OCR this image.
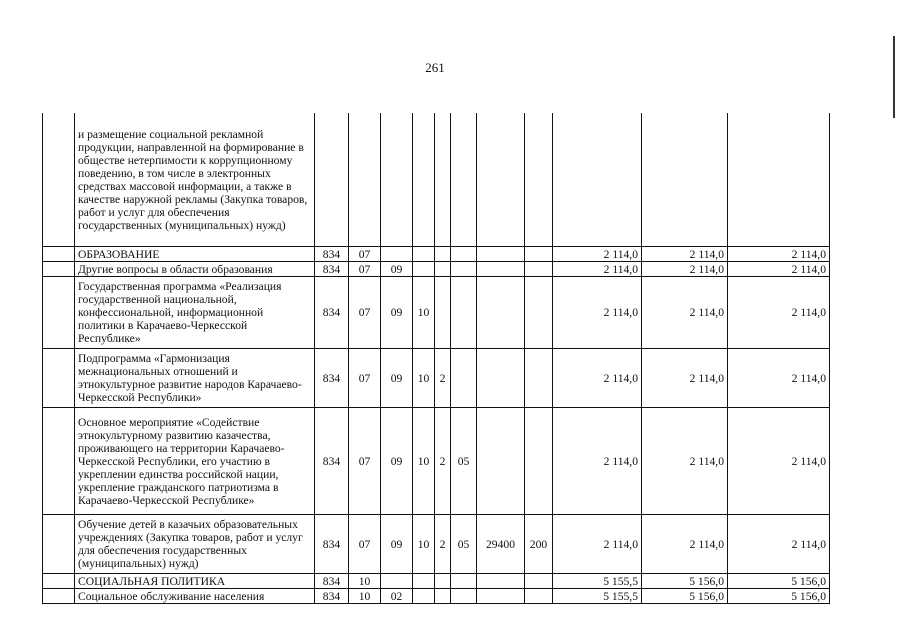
261
	и размещение социальной рекламной продукции, направленной на формирование в обществе нетерпимости к коррупционному поведению, в том числе в электронных средствах массовой информации, а также в качестве наружной рекламы (Закупка товаров, работ и услуг для обеспечения государственных (муниципальных) нужд)											
	ОБРАЗОВАНИЕ	834	07							2 114,0	2 114,0	2 114,0
	Другие вопросы в области образования	834	07	09						2 114,0	2 114,0	2 114,0
	Государственная программа «Реализация государственной национальной, конфессиональной, информационной политики в Карачаево-Черкесской Республике»	834	07	09	10					2 114,0	2 114,0	2 114,0
	Подпрограмма «Гармонизация межнациональных отношений и этнокультурное развитие народов Карачаево-Черкесской Республики»	834	07	09	10	2				2 114,0	2 114,0	2 114,0
	Основное мероприятие «Содействие этнокультурному развитию казачества, проживающего на территории Карачаево-Черкесской Республики, его участию в укреплении единства российской нации, укрепление гражданского патриотизма в Карачаево-Черкесской Республике»	834	07	09	10	2	05			2 114,0	2 114,0	2 114,0
	Обучение детей в казачьих образовательных учреждениях (Закупка товаров, работ и услуг для обеспечения государственных (муниципальных) нужд)	834	07	09	10	2	05	29400	200	2 114,0	2 114,0	2 114,0
	СОЦИАЛЬНАЯ ПОЛИТИКА	834	10							5 155,5	5 156,0	5 156,0
	Социальное обслуживание населения	834	10	02						5 155,5	5 156,0	5 156,0
